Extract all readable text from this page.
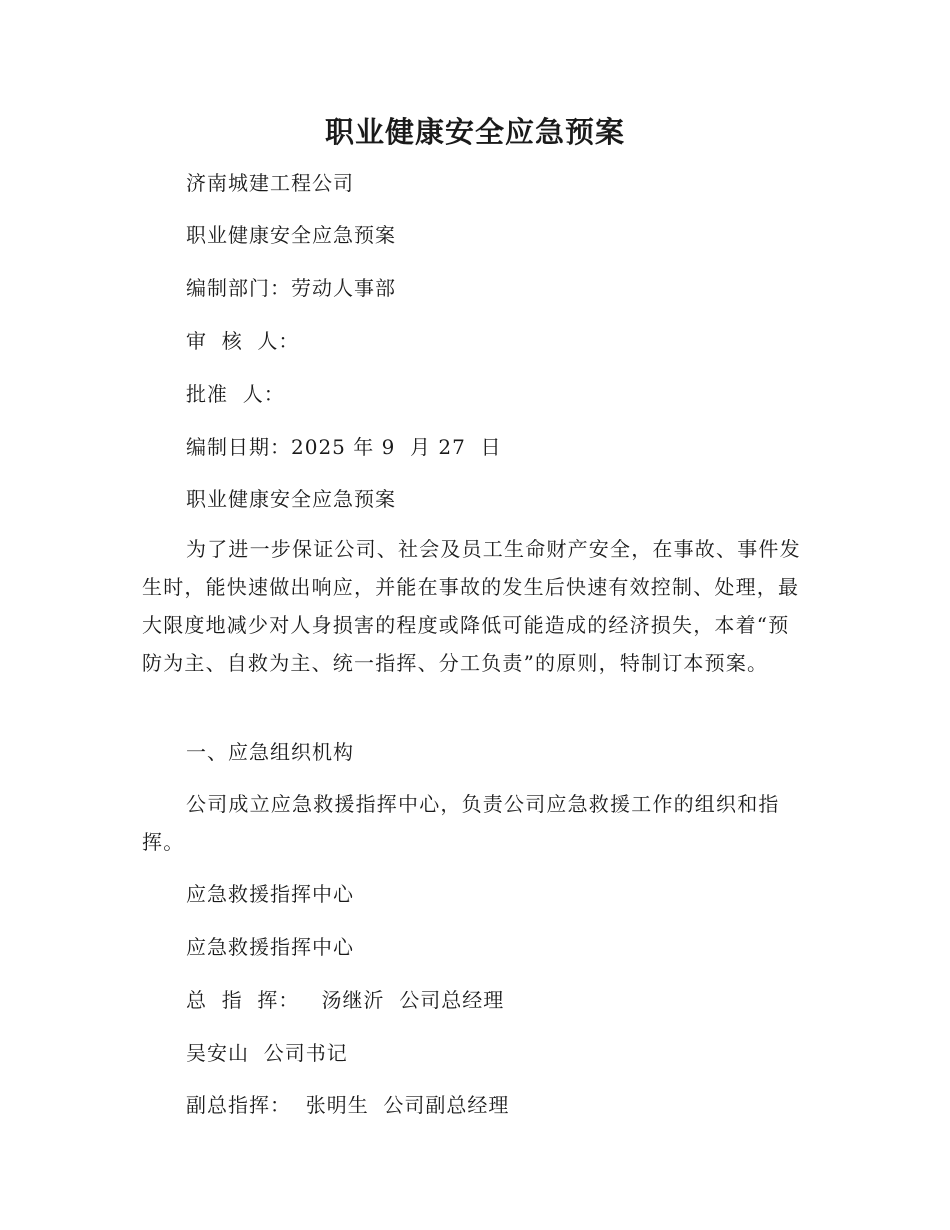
职业健康安全应急预案
济南城建工程公司
职业健康安全应急预案
编制部门：劳动人事部
审  核  人：
批准  人：
编制日期：2025 年 9  月 27  日
职业健康安全应急预案
为了进一步保证公司、社会及员工生命财产安全，在事故、事件发生时，能快速做出响应，并能在事故的发生后快速有效控制、处理，最大限度地减少对人身损害的程度或降低可能造成的经济损失，本着“预防为主、自救为主、统一指挥、分工负责”的原则，特制订本预案。
一、应急组织机构
公司成立应急救援指挥中心，负责公司应急救援工作的组织和指挥。
应急救援指挥中心
应急救援指挥中心
总  指  挥：   汤继沂  公司总经理
吴安山  公司书记
副总指挥：  张明生  公司副总经理
